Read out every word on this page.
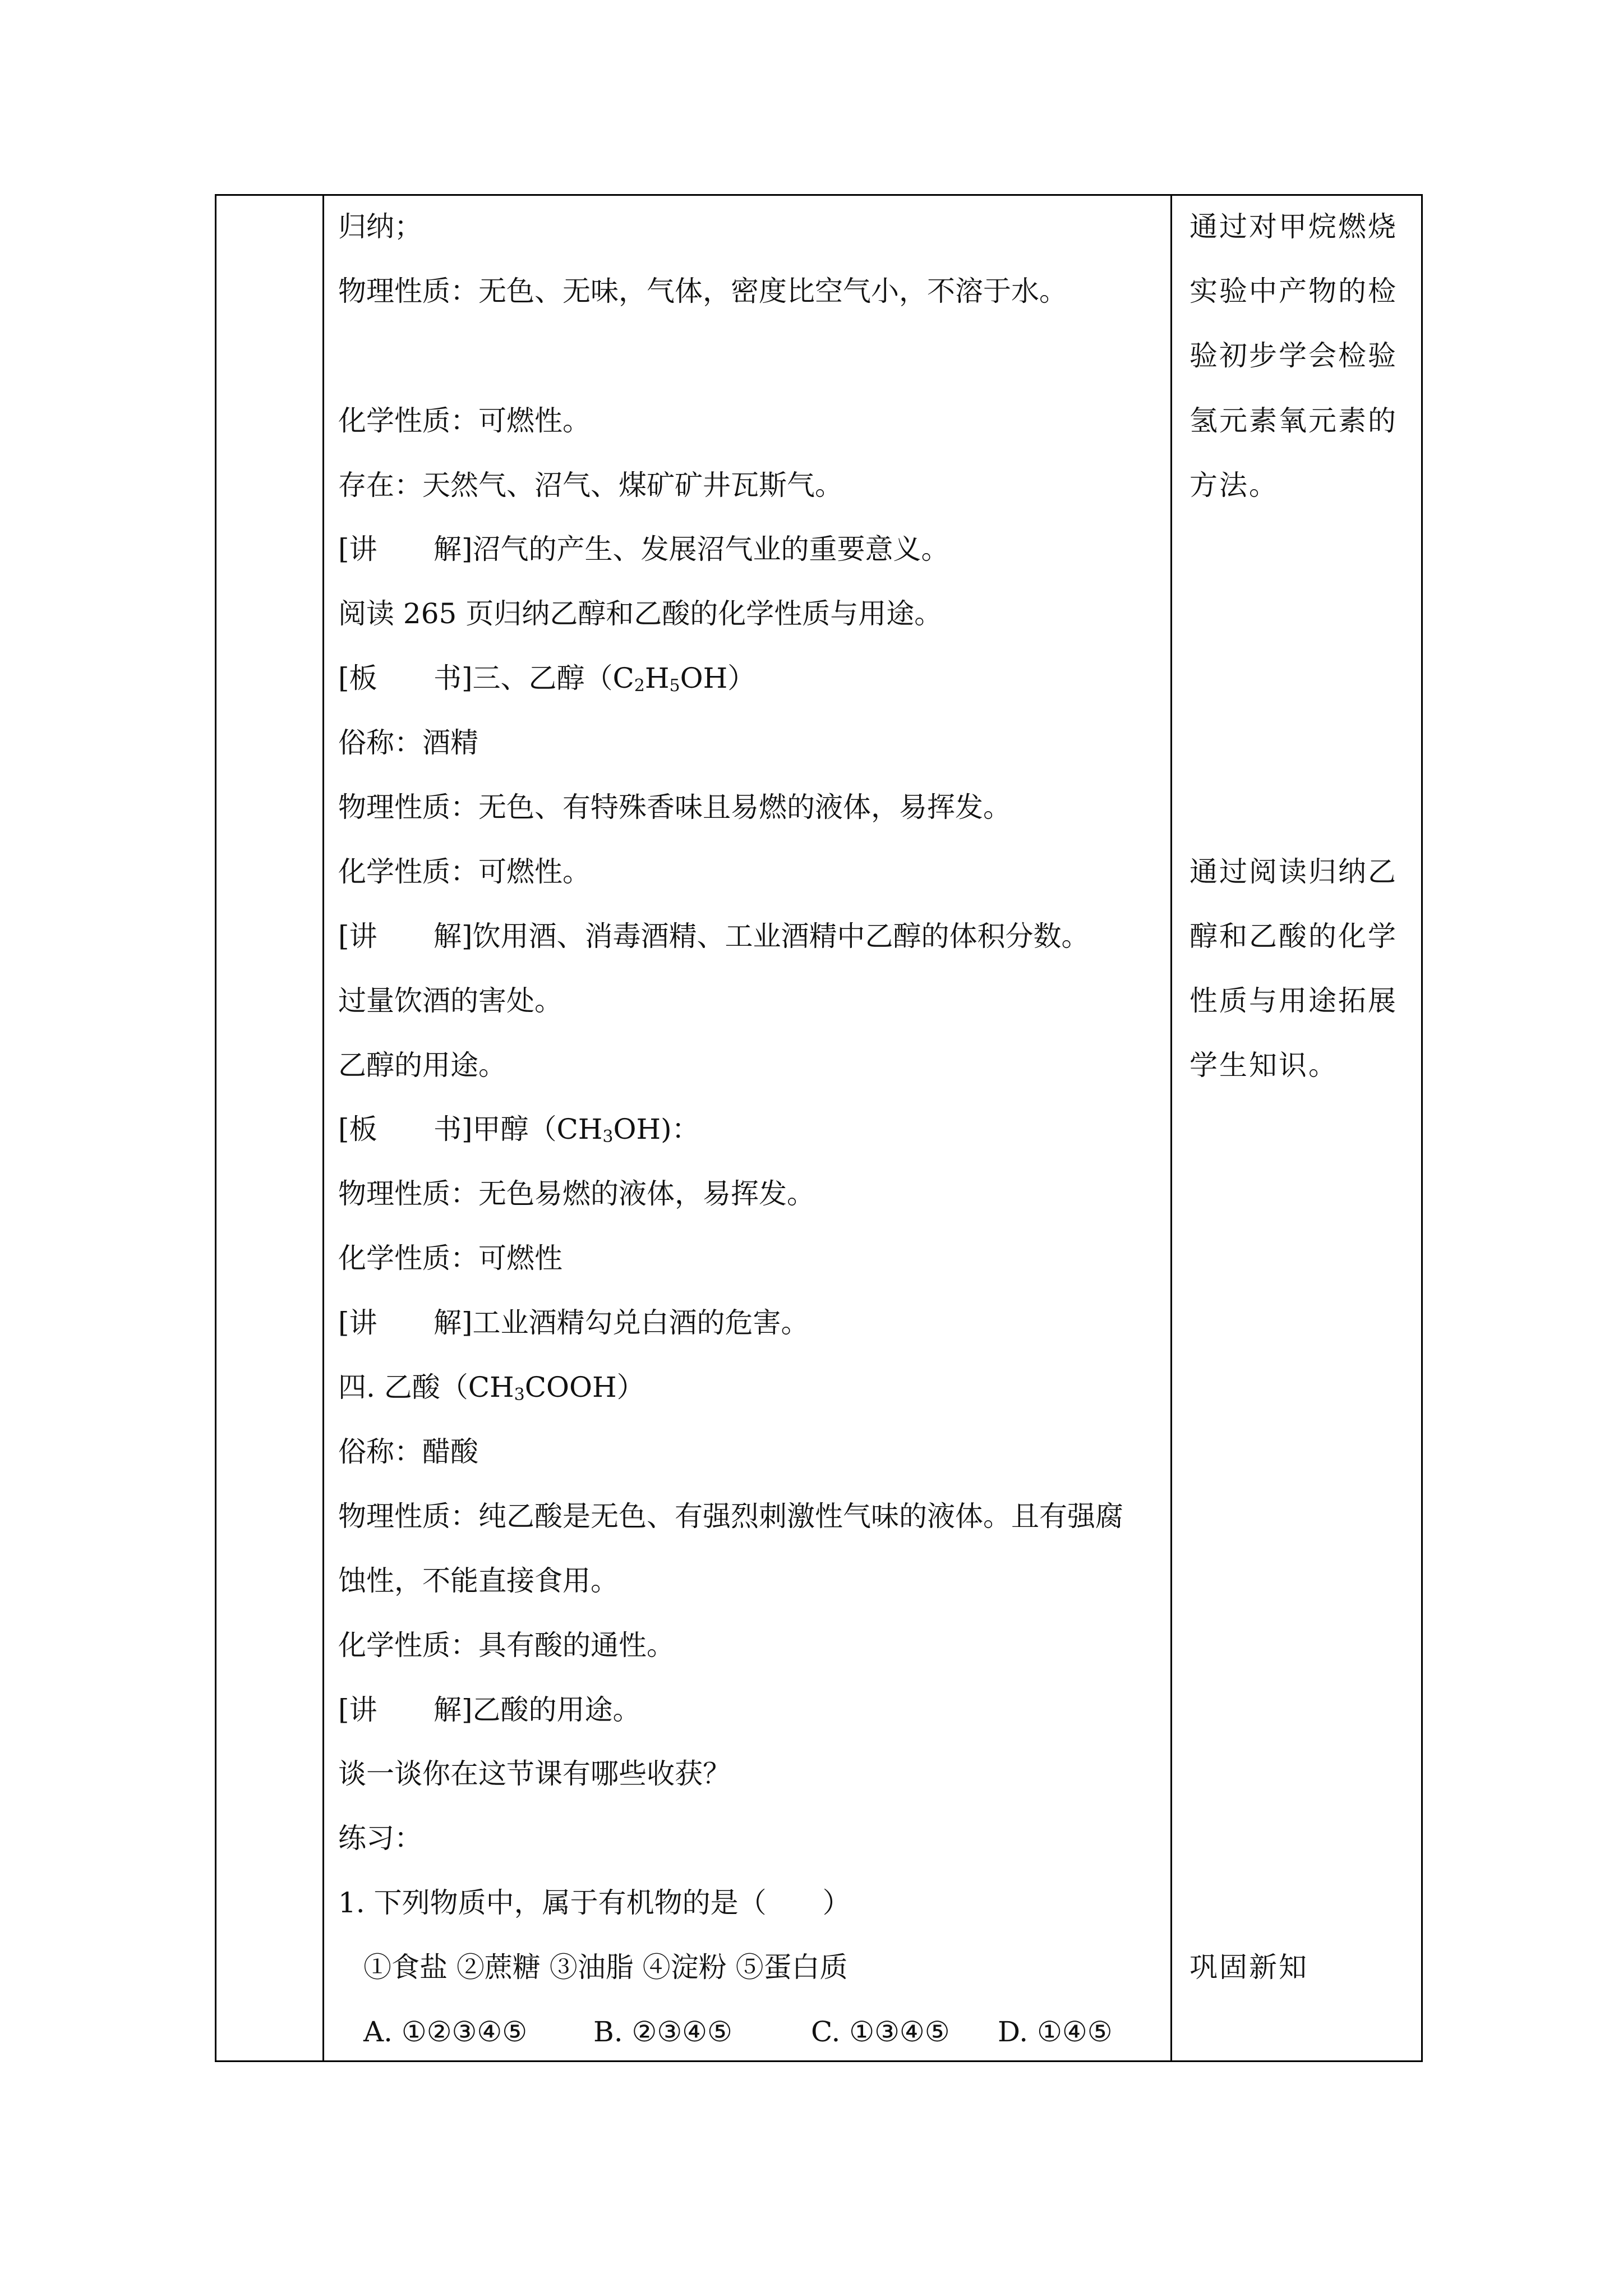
归纳；
物理性质：无色、无味，气体，密度比空气小，不溶于水。
化学性质：可燃性。
存在：天然气、沼气、煤矿矿井瓦斯气。
[讲 解]沼气的产生、发展沼气业的重要意义。
阅读 265 页归纳乙醇和乙酸的化学性质与用途。
[板 书]三、乙醇$(C_2H_5OH)$
俗称：酒精
物理性质：无色、有特殊香味且易燃的液体，易挥发。
化学性质：可燃性。
[讲 解]饮用酒、消毒酒精、工业酒精中乙醇的体积分数。
过量饮酒的害处。
乙醇的用途。
[板 书]甲醇$(CH_3OH)$：
物理性质：无色易燃的液体，易挥发。
化学性质：可燃性
[讲 解]工业酒精勾兑白酒的危害。
四. 乙酸$(CH_3COOH)$
俗称：醋酸
物理性质：纯乙酸是无色、有强烈刺激性气味的液体。且有强腐
蚀性，不能直接食用。
化学性质：具有酸的通性。
[讲 解]乙酸的用途。
谈一谈你在这节课有哪些收获？
练习：
1. 下列物质中，属于有机物的是（　　）
①食盐 ②蔗糖 ③油脂 ④淀粉 ⑤蛋白质
A. ①②③④⑤ B. ②③④⑤	C. ①③④⑤ D. ①④⑤
通过对甲烷燃烧
实验中产物的检
验初步学会检验
氢元素氧元素的
方法。
通过阅读归纳乙
醇和乙酸的化学
性质与用途拓展
学生知识。
巩固新知
